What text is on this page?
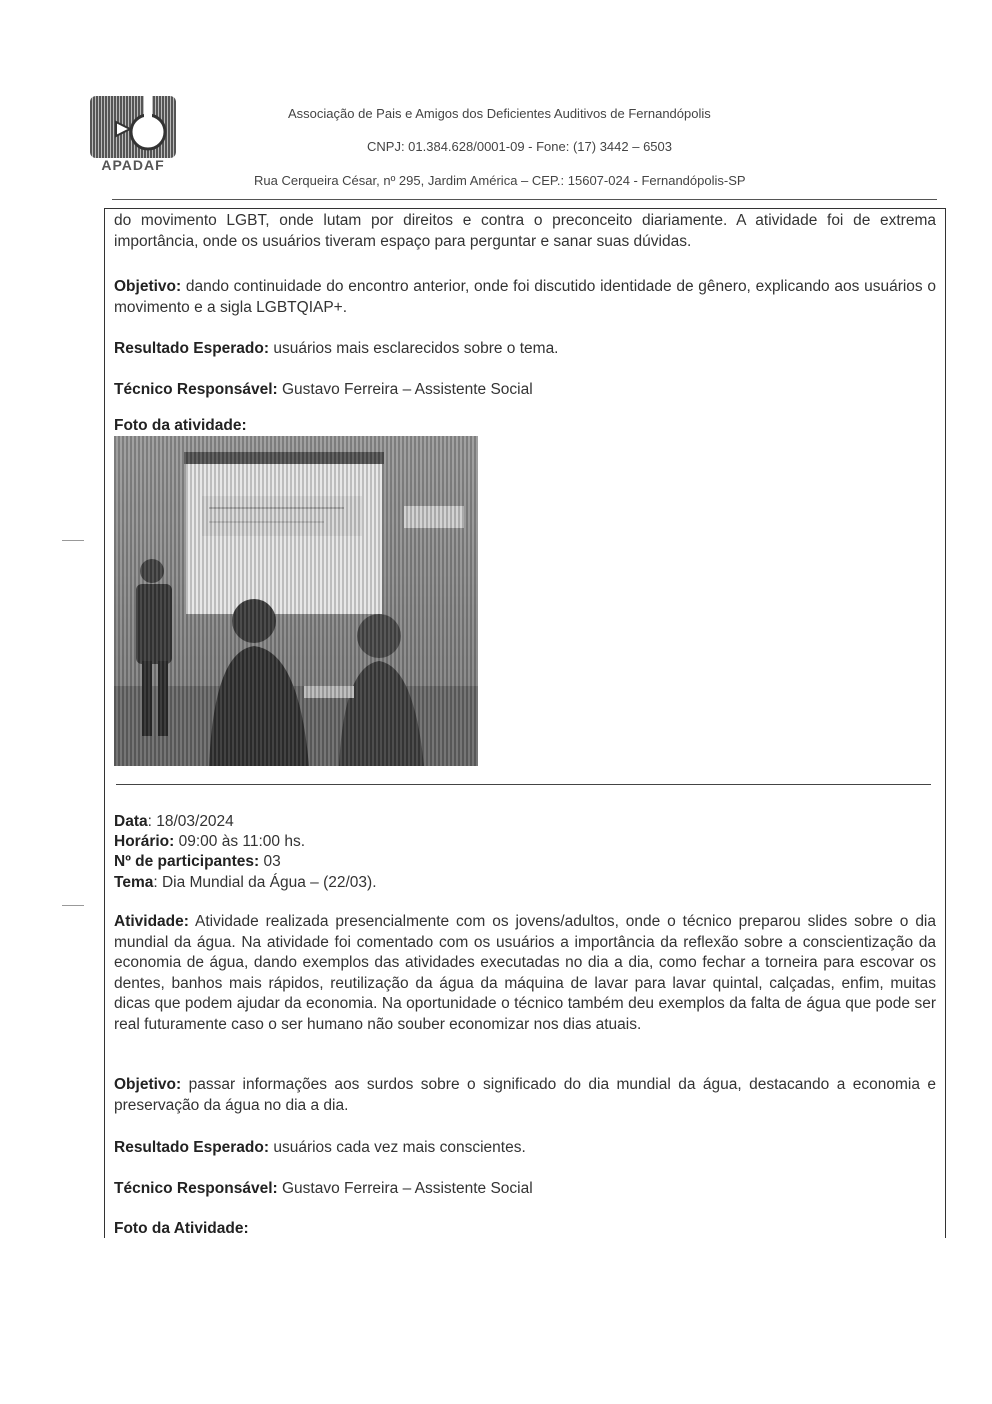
APADAF
Associação de Pais e Amigos dos Deficientes Auditivos de Fernandópolis
CNPJ: 01.384.628/0001-09 - Fone: (17) 3442 – 6503
Rua Cerqueira César, nº 295, Jardim América – CEP.: 15607-024 - Fernandópolis-SP
do movimento LGBT, onde lutam por direitos e contra o preconceito diariamente. A atividade foi de extrema importância, onde os usuários tiveram espaço para perguntar e sanar suas dúvidas.
Objetivo: dando continuidade do encontro anterior, onde foi discutido identidade de gênero, explicando aos usuários o movimento e a sigla LGBTQIAP+.
Resultado Esperado: usuários mais esclarecidos sobre o tema.
Técnico Responsável: Gustavo Ferreira – Assistente Social
Foto da atividade:
Data: 18/03/2024
Horário: 09:00 às 11:00 hs.
Nº de participantes: 03
Tema: Dia Mundial da Água – (22/03).
Atividade: Atividade realizada presencialmente com os jovens/adultos, onde o técnico preparou slides sobre o dia mundial da água. Na atividade foi comentado com os usuários a importância da reflexão sobre a conscientização da economia de água, dando exemplos das atividades executadas no dia a dia, como fechar a torneira para escovar os dentes, banhos mais rápidos, reutilização da água da máquina de lavar para lavar quintal, calçadas, enfim, muitas dicas que podem ajudar da economia. Na oportunidade o técnico também deu exemplos da falta de água que pode ser real futuramente caso o ser humano não souber economizar nos dias atuais.
Objetivo: passar informações aos surdos sobre o significado do dia mundial da água, destacando a economia e preservação da água no dia a dia.
Resultado Esperado: usuários cada vez mais conscientes.
Técnico Responsável: Gustavo Ferreira – Assistente Social
Foto da Atividade:
